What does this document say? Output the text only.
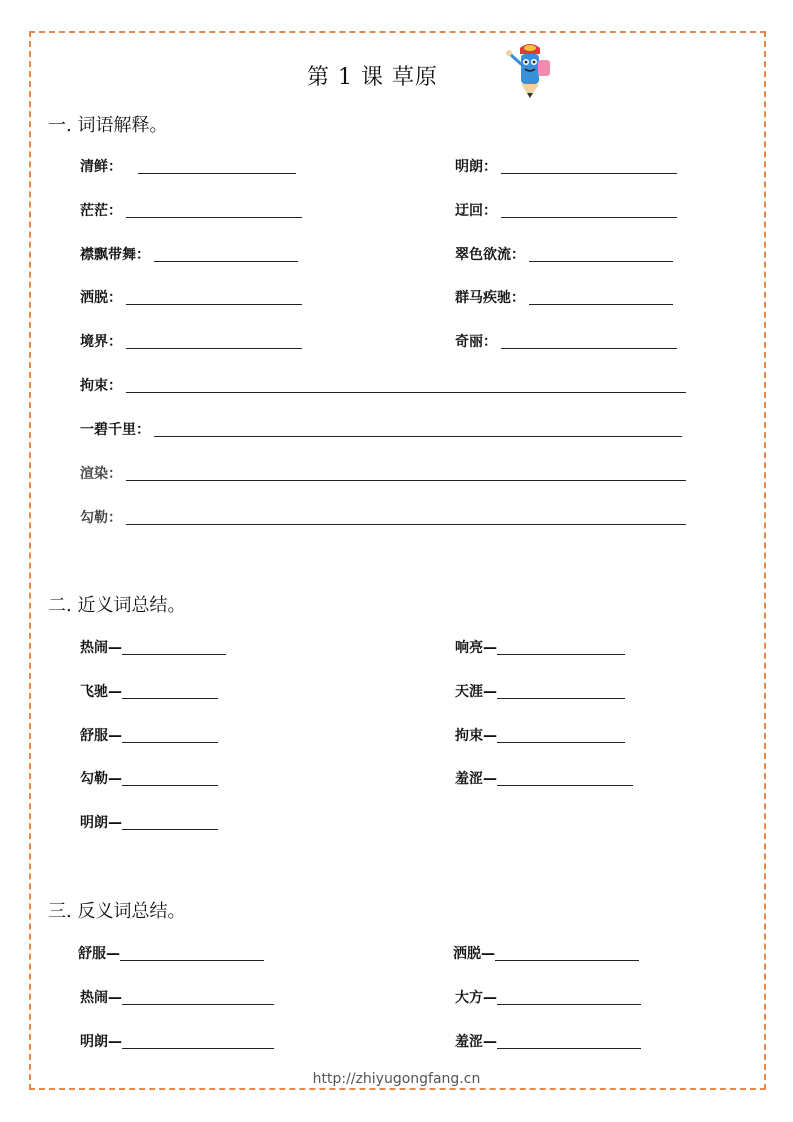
第 1 课 草原
一. 词语解释。
清鲜：	明朗：
茫茫：	迂回：
襟飘带舞：	翠色欲流：
洒脱：	群马疾驰：
境界：	奇丽：
拘束：
一碧千里：
渲染：
勾勒：
二. 近义词总结。
热闹—	响亮—
飞驰—	天涯—
舒服—	拘束—
勾勒—	羞涩—
明朗—
三. 反义词总结。
舒服—	洒脱—
热闹—	大方—
明朗—	羞涩—
http://zhiyugongfang.cn
